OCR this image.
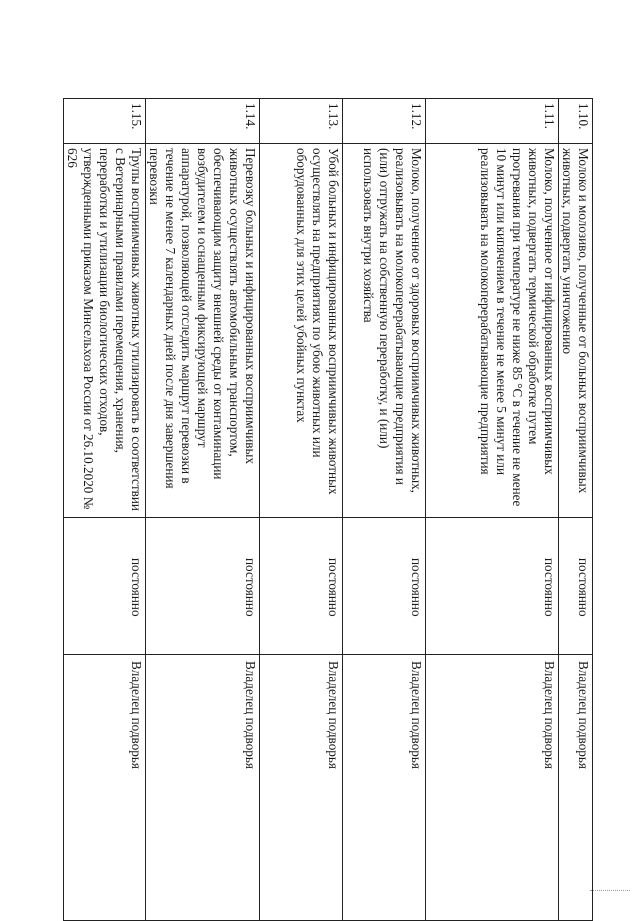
1.10.	Молоко и молозиво, полученные от больных восприимчивых животных, подвергать уничтожению	постоянно	Владелец подворья

1.11.	Молоко, полученное от инфицированных восприимчивых животных, подвергать термической обработке путем прогревания при температуре не ниже 85 °С в течение не менее 10 минут или кипячением в течение не менее 5 минут или реализовывать на молокоперерабатывающие предприятия	постоянно	Владелец подворья

1.12.	Молоко, полученное от здоровых восприимчивых животных, реализовывать на молокоперерабатывающие предприятия и (или) отгружать на собственную переработку, и (или) использовать внутри хозяйства	постоянно	Владелец подворья

1.13.	Убой больных и инфицированных восприимчивых животных осуществлять на предприятиях по убою животных или оборудованных для этих целей убойных пунктах	постоянно	Владелец подворья

1.14.	Перевозку больных и инфицированных восприимчивых животных осуществлять автомобильным транспортом, обеспечивающим защиту внешней среды от контаминации возбудителем и оснащенным фиксирующей маршрут аппаратурой, позволяющей отследить маршрут перевозки в течение не менее 7 календарных дней после дня завершения перевозки	постоянно	Владелец подворья

1.15.	Трупы восприимчивых животных утилизировать в соответствии с Ветеринарными правилами перемещения, хранения, переработки и утилизации биологических отходов, утвержденными приказом Минсельхоза России от 26.10.2020 № 626	постоянно	Владелец подворья
